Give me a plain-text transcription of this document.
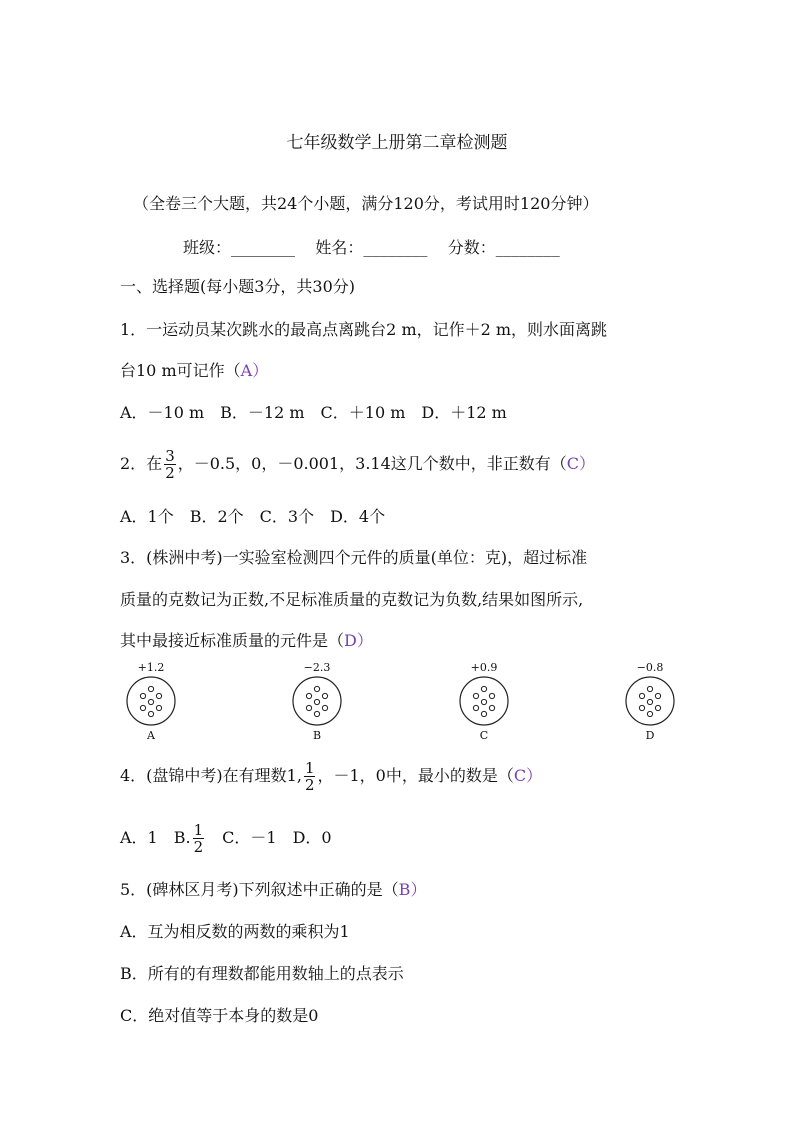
七年级数学上册第二章检测题
（全卷三个大题，共24个小题，满分120分，考试用时120分钟）
班级：________ 姓名：________ 分数：________
一、选择题(每小题3分，共30分)
1．一运动员某次跳水的最高点离跳台2 m，记作＋2 m，则水面离跳
台10 m可记作（A）
A．－10 m　B．－12 m　C．＋10 m　D．＋12 m
2．在 $\frac{3}{2}$ ，－0.5，0，－0.001，3.14这几个数中，非正数有（C）
A．1个　B．2个　C．3个　D．4个
3．(株洲中考)一实验室检测四个元件的质量(单位：克)，超过标准
质量的克数记为正数,不足标准质量的克数记为负数,结果如图所示,
其中最接近标准质量的元件是（D）
+1.2
A
−2.3
B
+0.9
C
−0.8
D
4．(盘锦中考)在有理数1, $\frac{1}{2}$ ，－1，0中，最小的数是（C）
A．1　B. $\frac{1}{2}$ 　C．－1　D．0
5．(碑林区月考)下列叙述中正确的是（B）
A．互为相反数的两数的乘积为1
B．所有的有理数都能用数轴上的点表示
C．绝对值等于本身的数是0
